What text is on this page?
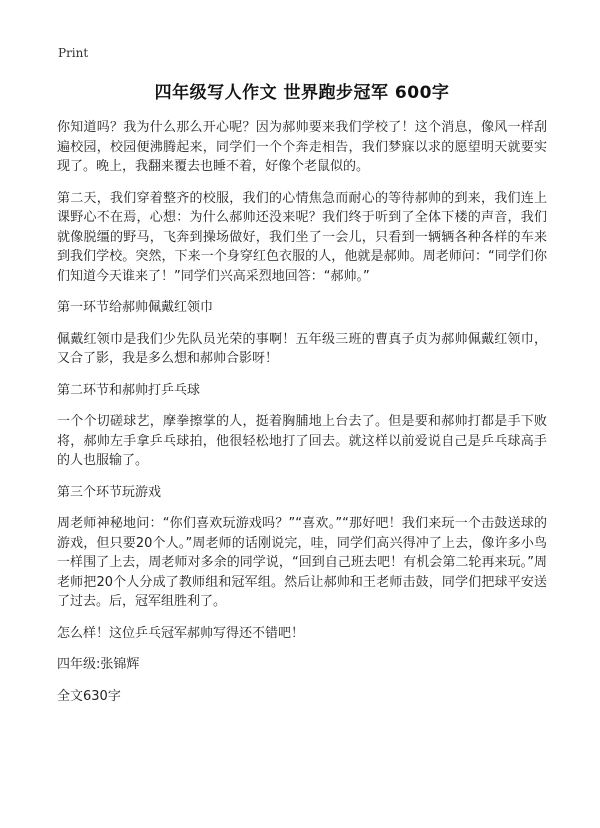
Print
四年级写人作文 世界跑步冠军 600字

你知道吗？我为什么那么开心呢？因为郝帅要来我们学校了！这个消息，像风一样刮遍校园，校园便沸腾起来，同学们一个个奔走相告，我们梦寐以求的愿望明天就要实现了。晚上，我翻来覆去也睡不着，好像个老鼠似的。

第二天，我们穿着整齐的校服，我们的心情焦急而耐心的等待郝帅的到来，我们连上课野心不在焉，心想：为什么郝帅还没来呢？我们终于听到了全体下楼的声音，我们就像脱缰的野马，飞奔到操场做好，我们坐了一会儿，只看到一辆辆各种各样的车来到我们学校。突然，下来一个身穿红色衣服的人，他就是郝帅。周老师问：“同学们你们知道今天谁来了！”同学们兴高采烈地回答：“郝帅。”

第一环节给郝帅佩戴红领巾

佩戴红领巾是我们少先队员光荣的事啊！五年级三班的曹真子贞为郝帅佩戴红领巾，又合了影，我是多么想和郝帅合影呀！

第二环节和郝帅打乒乓球

一个个切磋球艺，摩拳擦掌的人，挺着胸脯地上台去了。但是要和郝帅打都是手下败将，郝帅左手拿乒乓球拍，他很轻松地打了回去。就这样以前爱说自己是乒乓球高手的人也服输了。

第三个环节玩游戏

周老师神秘地问：“你们喜欢玩游戏吗？”“喜欢。”“那好吧！我们来玩一个击鼓送球的游戏，但只要20个人。”周老师的话刚说完，哇，同学们高兴得冲了上去，像许多小鸟一样围了上去，周老师对多余的同学说，“回到自己班去吧！有机会第二轮再来玩。”周老师把20个人分成了教师组和冠军组。然后让郝帅和王老师击鼓，同学们把球平安送了过去。后，冠军组胜利了。

怎么样！这位乒乓冠军郝帅写得还不错吧！

四年级:张锦辉

全文630字
